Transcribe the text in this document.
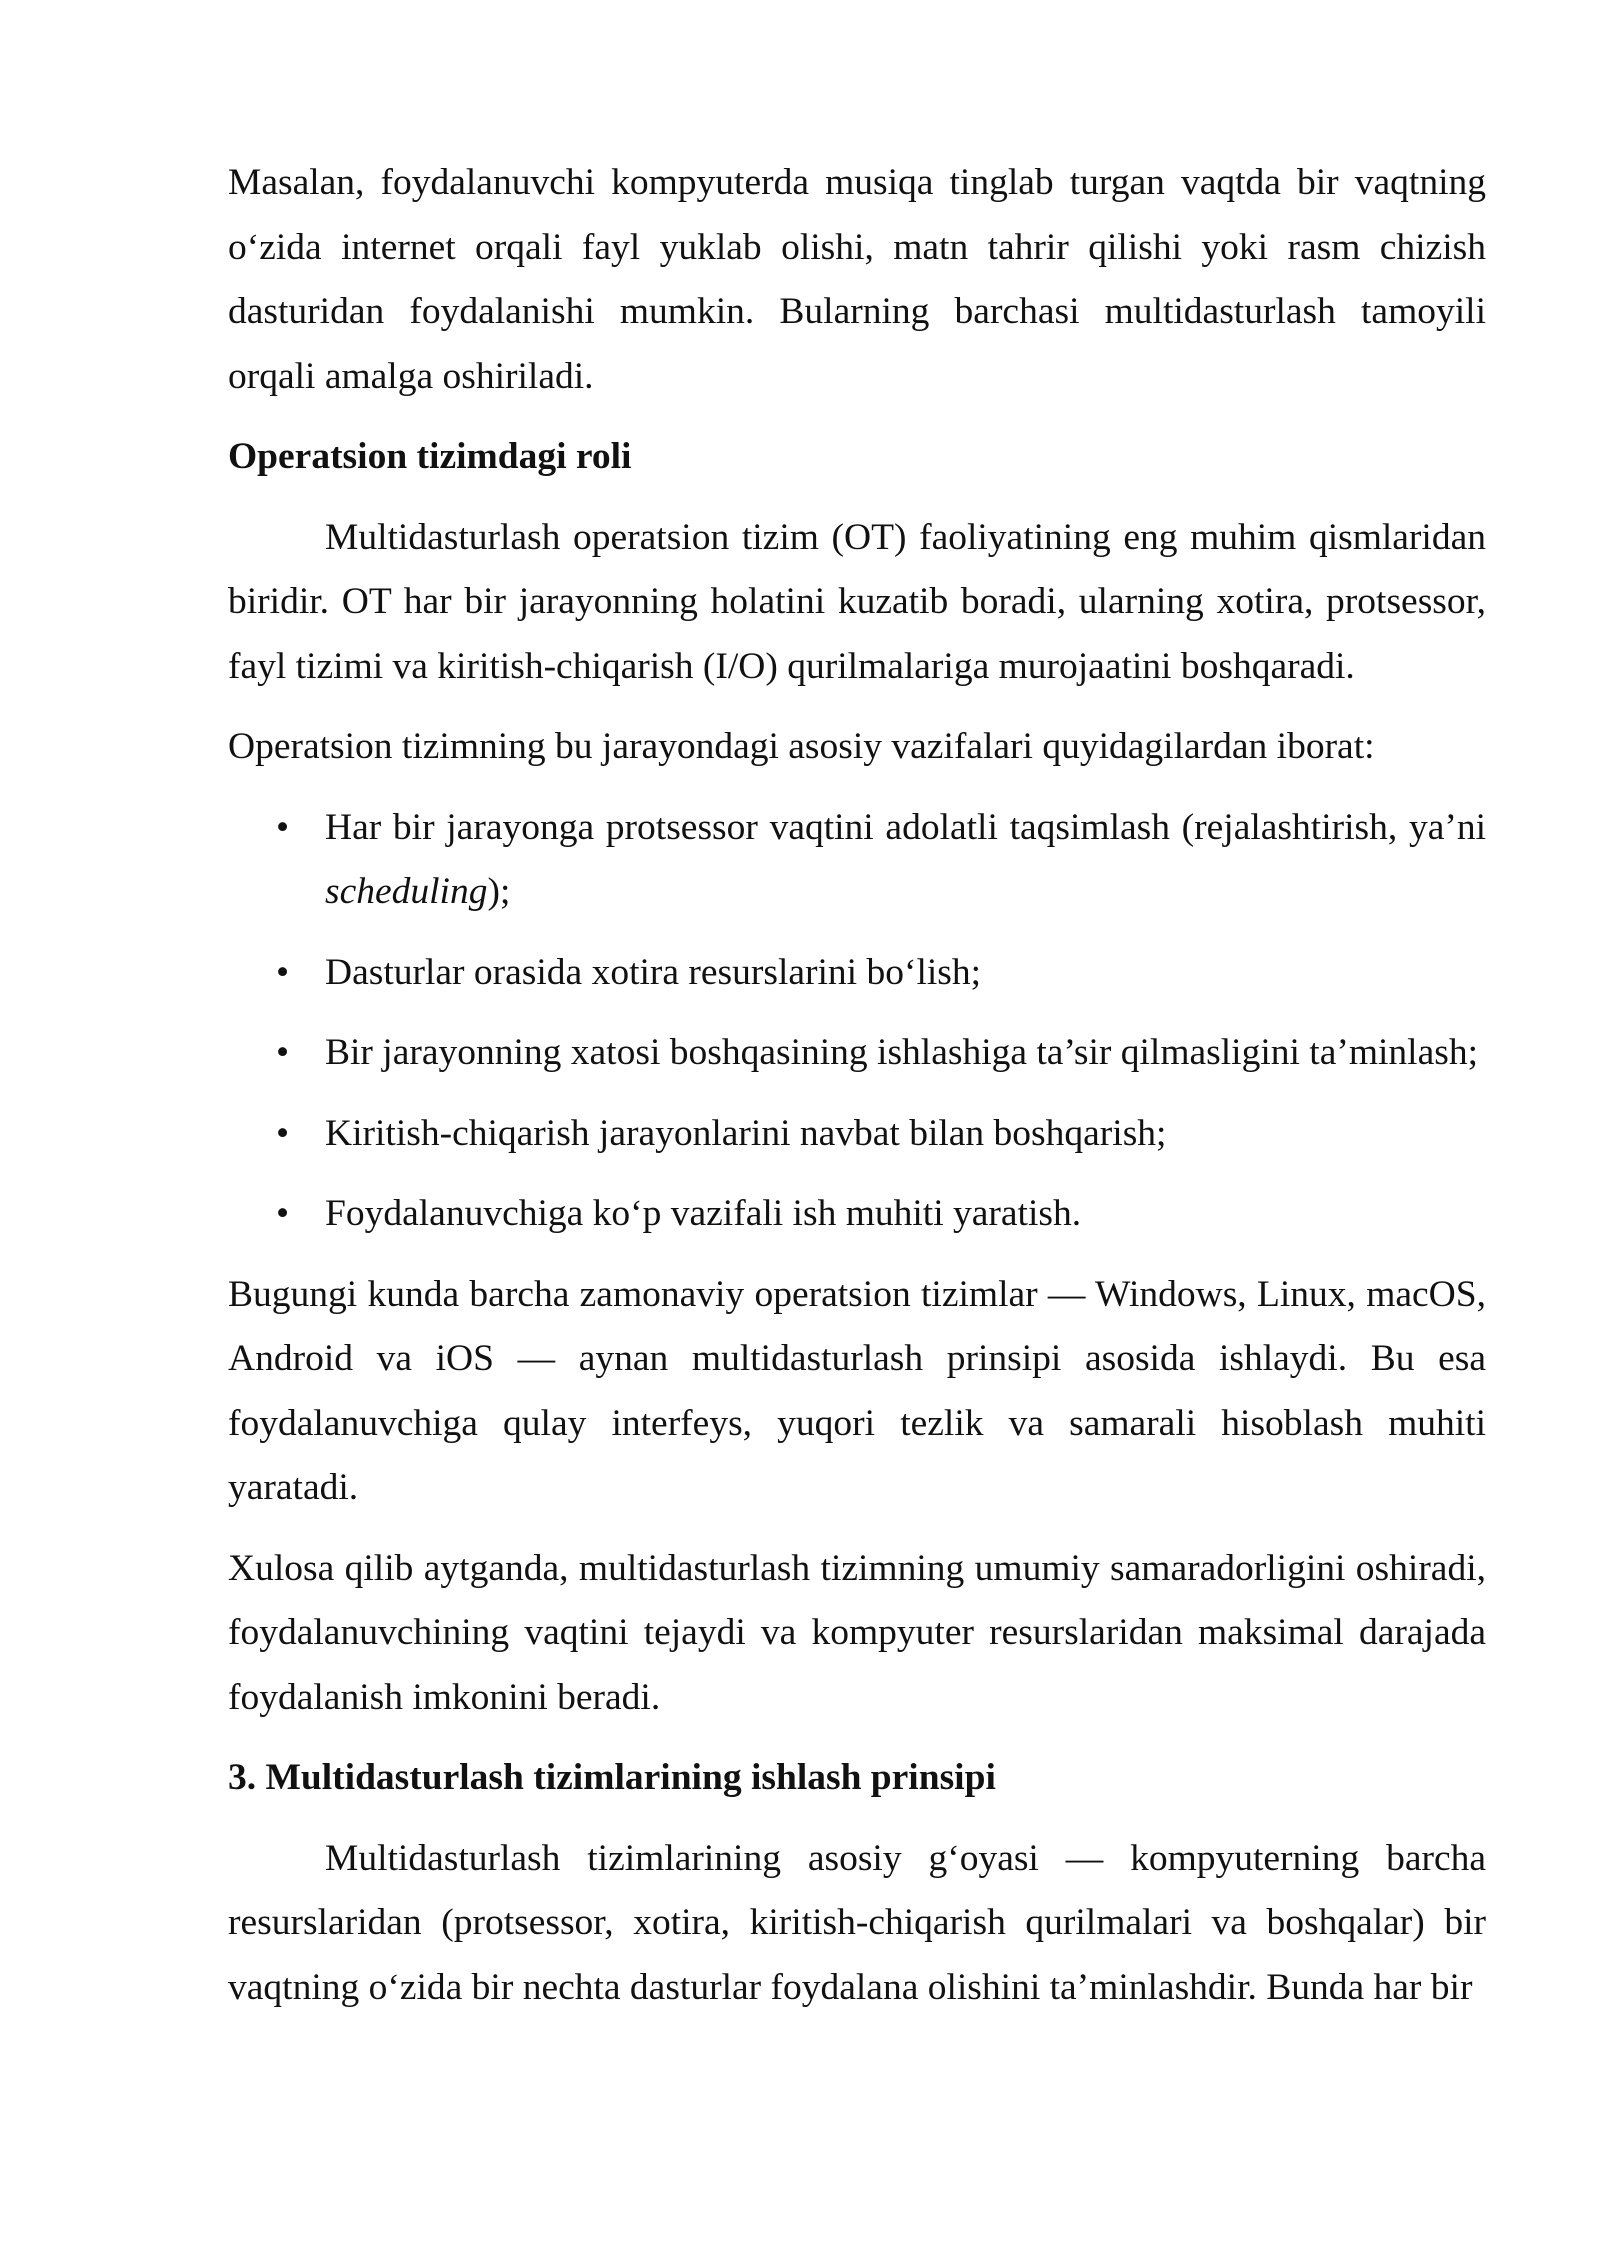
Masalan, foydalanuvchi kompyuterda musiqa tinglab turgan vaqtda bir vaqtning o‘zida internet orqali fayl yuklab olishi, matn tahrir qilishi yoki rasm chizish dasturidan foydalanishi mumkin. Bularning barchasi multidasturlash tamoyili orqali amalga oshiriladi.

Operatsion tizimdagi roli

Multidasturlash operatsion tizim (OT) faoliyatining eng muhim qismlaridan biridir. OT har bir jarayonning holatini kuzatib boradi, ularning xotira, protsessor, fayl tizimi va kiritish-chiqarish (I/O) qurilmalariga murojaatini boshqaradi.

Operatsion tizimning bu jarayondagi asosiy vazifalari quyidagilardan iborat:

• Har bir jarayonga protsessor vaqtini adolatli taqsimlash (rejalashtirish, ya’ni scheduling);
• Dasturlar orasida xotira resurslarini bo‘lish;
• Bir jarayonning xatosi boshqasining ishlashiga ta’sir qilmasligini ta’minlash;
• Kiritish-chiqarish jarayonlarini navbat bilan boshqarish;
• Foydalanuvchiga ko‘p vazifali ish muhiti yaratish.

Bugungi kunda barcha zamonaviy operatsion tizimlar — Windows, Linux, macOS, Android va iOS — aynan multidasturlash prinsipi asosida ishlaydi. Bu esa foydalanuvchiga qulay interfeys, yuqori tezlik va samarali hisoblash muhiti yaratadi.

Xulosa qilib aytganda, multidasturlash tizimning umumiy samaradorligini oshiradi, foydalanuvchining vaqtini tejaydi va kompyuter resurslaridan maksimal darajada foydalanish imkonini beradi.

3. Multidasturlash tizimlarining ishlash prinsipi

Multidasturlash tizimlarining asosiy g‘oyasi — kompyuterning barcha resurslaridan (protsessor, xotira, kiritish-chiqarish qurilmalari va boshqalar) bir vaqtning o‘zida bir nechta dasturlar foydalana olishini ta’minlashdir. Bunda har bir
